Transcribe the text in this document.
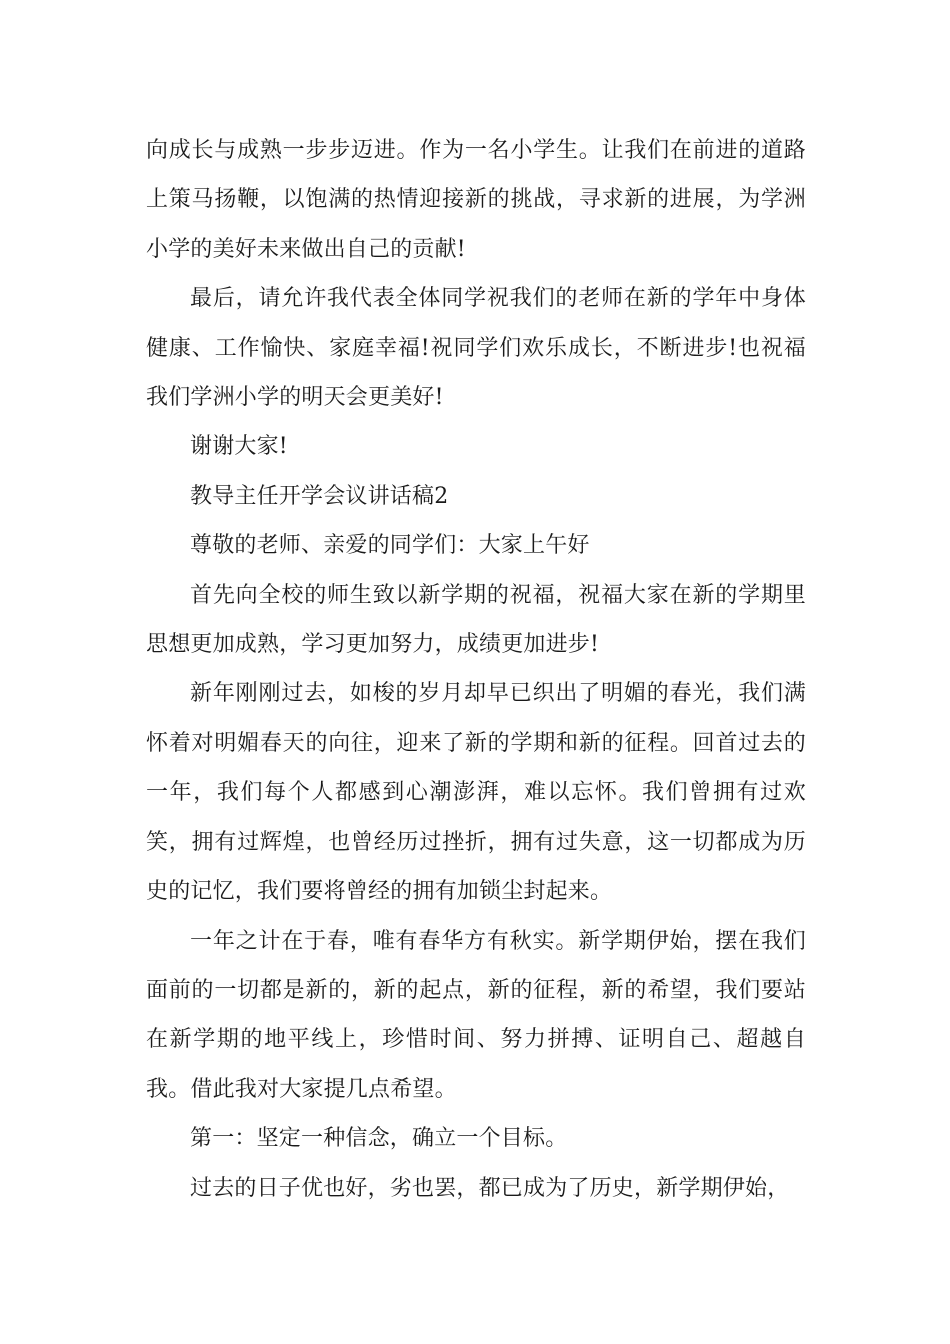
向成长与成熟一步步迈进。作为一名小学生。让我们在前进的道路上策马扬鞭，以饱满的热情迎接新的挑战，寻求新的进展，为学洲小学的美好未来做出自己的贡献!

最后，请允许我代表全体同学祝我们的老师在新的学年中身体健康、工作愉快、家庭幸福!祝同学们欢乐成长，不断进步!也祝福我们学洲小学的明天会更美好!

谢谢大家!

教导主任开学会议讲话稿2

尊敬的老师、亲爱的同学们：大家上午好

首先向全校的师生致以新学期的祝福，祝福大家在新的学期里思想更加成熟，学习更加努力，成绩更加进步!

新年刚刚过去，如梭的岁月却早已织出了明媚的春光，我们满怀着对明媚春天的向往，迎来了新的学期和新的征程。回首过去的一年，我们每个人都感到心潮澎湃，难以忘怀。我们曾拥有过欢笑，拥有过辉煌，也曾经历过挫折，拥有过失意，这一切都成为历史的记忆，我们要将曾经的拥有加锁尘封起来。

一年之计在于春，唯有春华方有秋实。新学期伊始，摆在我们面前的一切都是新的，新的起点，新的征程，新的希望，我们要站在新学期的地平线上，珍惜时间、努力拼搏、证明自己、超越自我。借此我对大家提几点希望。

第一：坚定一种信念，确立一个目标。

过去的日子优也好，劣也罢，都已成为了历史，新学期伊始，
